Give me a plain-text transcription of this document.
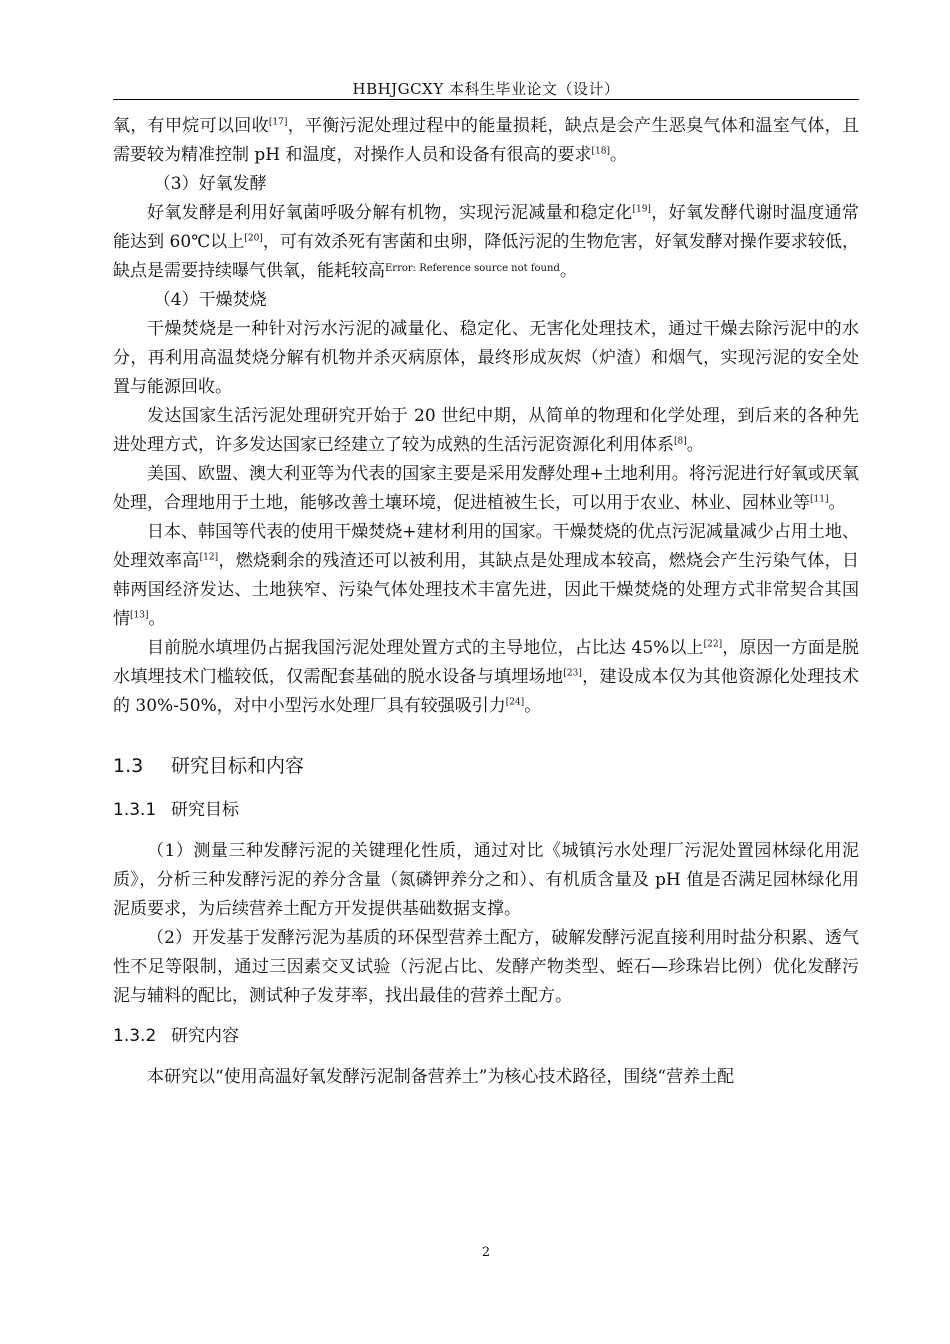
HBHJGCXY 本科生毕业论文（设计）

氧，有甲烷可以回收[17]，平衡污泥处理过程中的能量损耗，缺点是会产生恶臭气体和温室气体，且需要较为精准控制 pH 和温度，对操作人员和设备有很高的要求[18]。

（3）好氧发酵

好氧发酵是利用好氧菌呼吸分解有机物，实现污泥减量和稳定化[19]，好氧发酵代谢时温度通常能达到 60℃以上[20]，可有效杀死有害菌和虫卵，降低污泥的生物危害，好氧发酵对操作要求较低，缺点是需要持续曝气供氧，能耗较高$^{Error: Reference source not found}$。

（4）干燥焚烧

干燥焚烧是一种针对污水污泥的减量化、稳定化、无害化处理技术，通过干燥去除污泥中的水分，再利用高温焚烧分解有机物并杀灭病原体，最终形成灰烬（炉渣）和烟气，实现污泥的安全处置与能源回收。

发达国家生活污泥处理研究开始于 20 世纪中期，从简单的物理和化学处理，到后来的各种先进处理方式，许多发达国家已经建立了较为成熟的生活污泥资源化利用体系[8]。

美国、欧盟、澳大利亚等为代表的国家主要是采用发酵处理+土地利用。将污泥进行好氧或厌氧处理，合理地用于土地，能够改善土壤环境，促进植被生长，可以用于农业、林业、园林业等[11]。

日本、韩国等代表的使用干燥焚烧+建材利用的国家。干燥焚烧的优点污泥减量减少占用土地、处理效率高[12]，燃烧剩余的残渣还可以被利用，其缺点是处理成本较高，燃烧会产生污染气体，日韩两国经济发达、土地狭窄、污染气体处理技术丰富先进，因此干燥焚烧的处理方式非常契合其国情[13]。

目前脱水填埋仍占据我国污泥处理处置方式的主导地位，占比达 45%以上[22]，原因一方面是脱水填埋技术门槛较低，仅需配套基础的脱水设备与填埋场地[23]，建设成本仅为其他资源化处理技术的 30%-50%，对中小型污水处理厂具有较强吸引力[24]。

1.3 研究目标和内容
1.3.1 研究目标

（1）测量三种发酵污泥的关键理化性质，通过对比《城镇污水处理厂污泥处置园林绿化用泥质》，分析三种发酵污泥的养分含量（氮磷钾养分之和）、有机质含量及 pH 值是否满足园林绿化用泥质要求，为后续营养土配方开发提供基础数据支撑。

（2）开发基于发酵污泥为基质的环保型营养土配方，破解发酵污泥直接利用时盐分积累、透气性不足等限制，通过三因素交叉试验（污泥占比、发酵产物类型、蛭石—珍珠岩比例）优化发酵污泥与辅料的配比，测试种子发芽率，找出最佳的营养土配方。

1.3.2 研究内容

本研究以“使用高温好氧发酵污泥制备营养土”为核心技术路径，围绕“营养土配

2
